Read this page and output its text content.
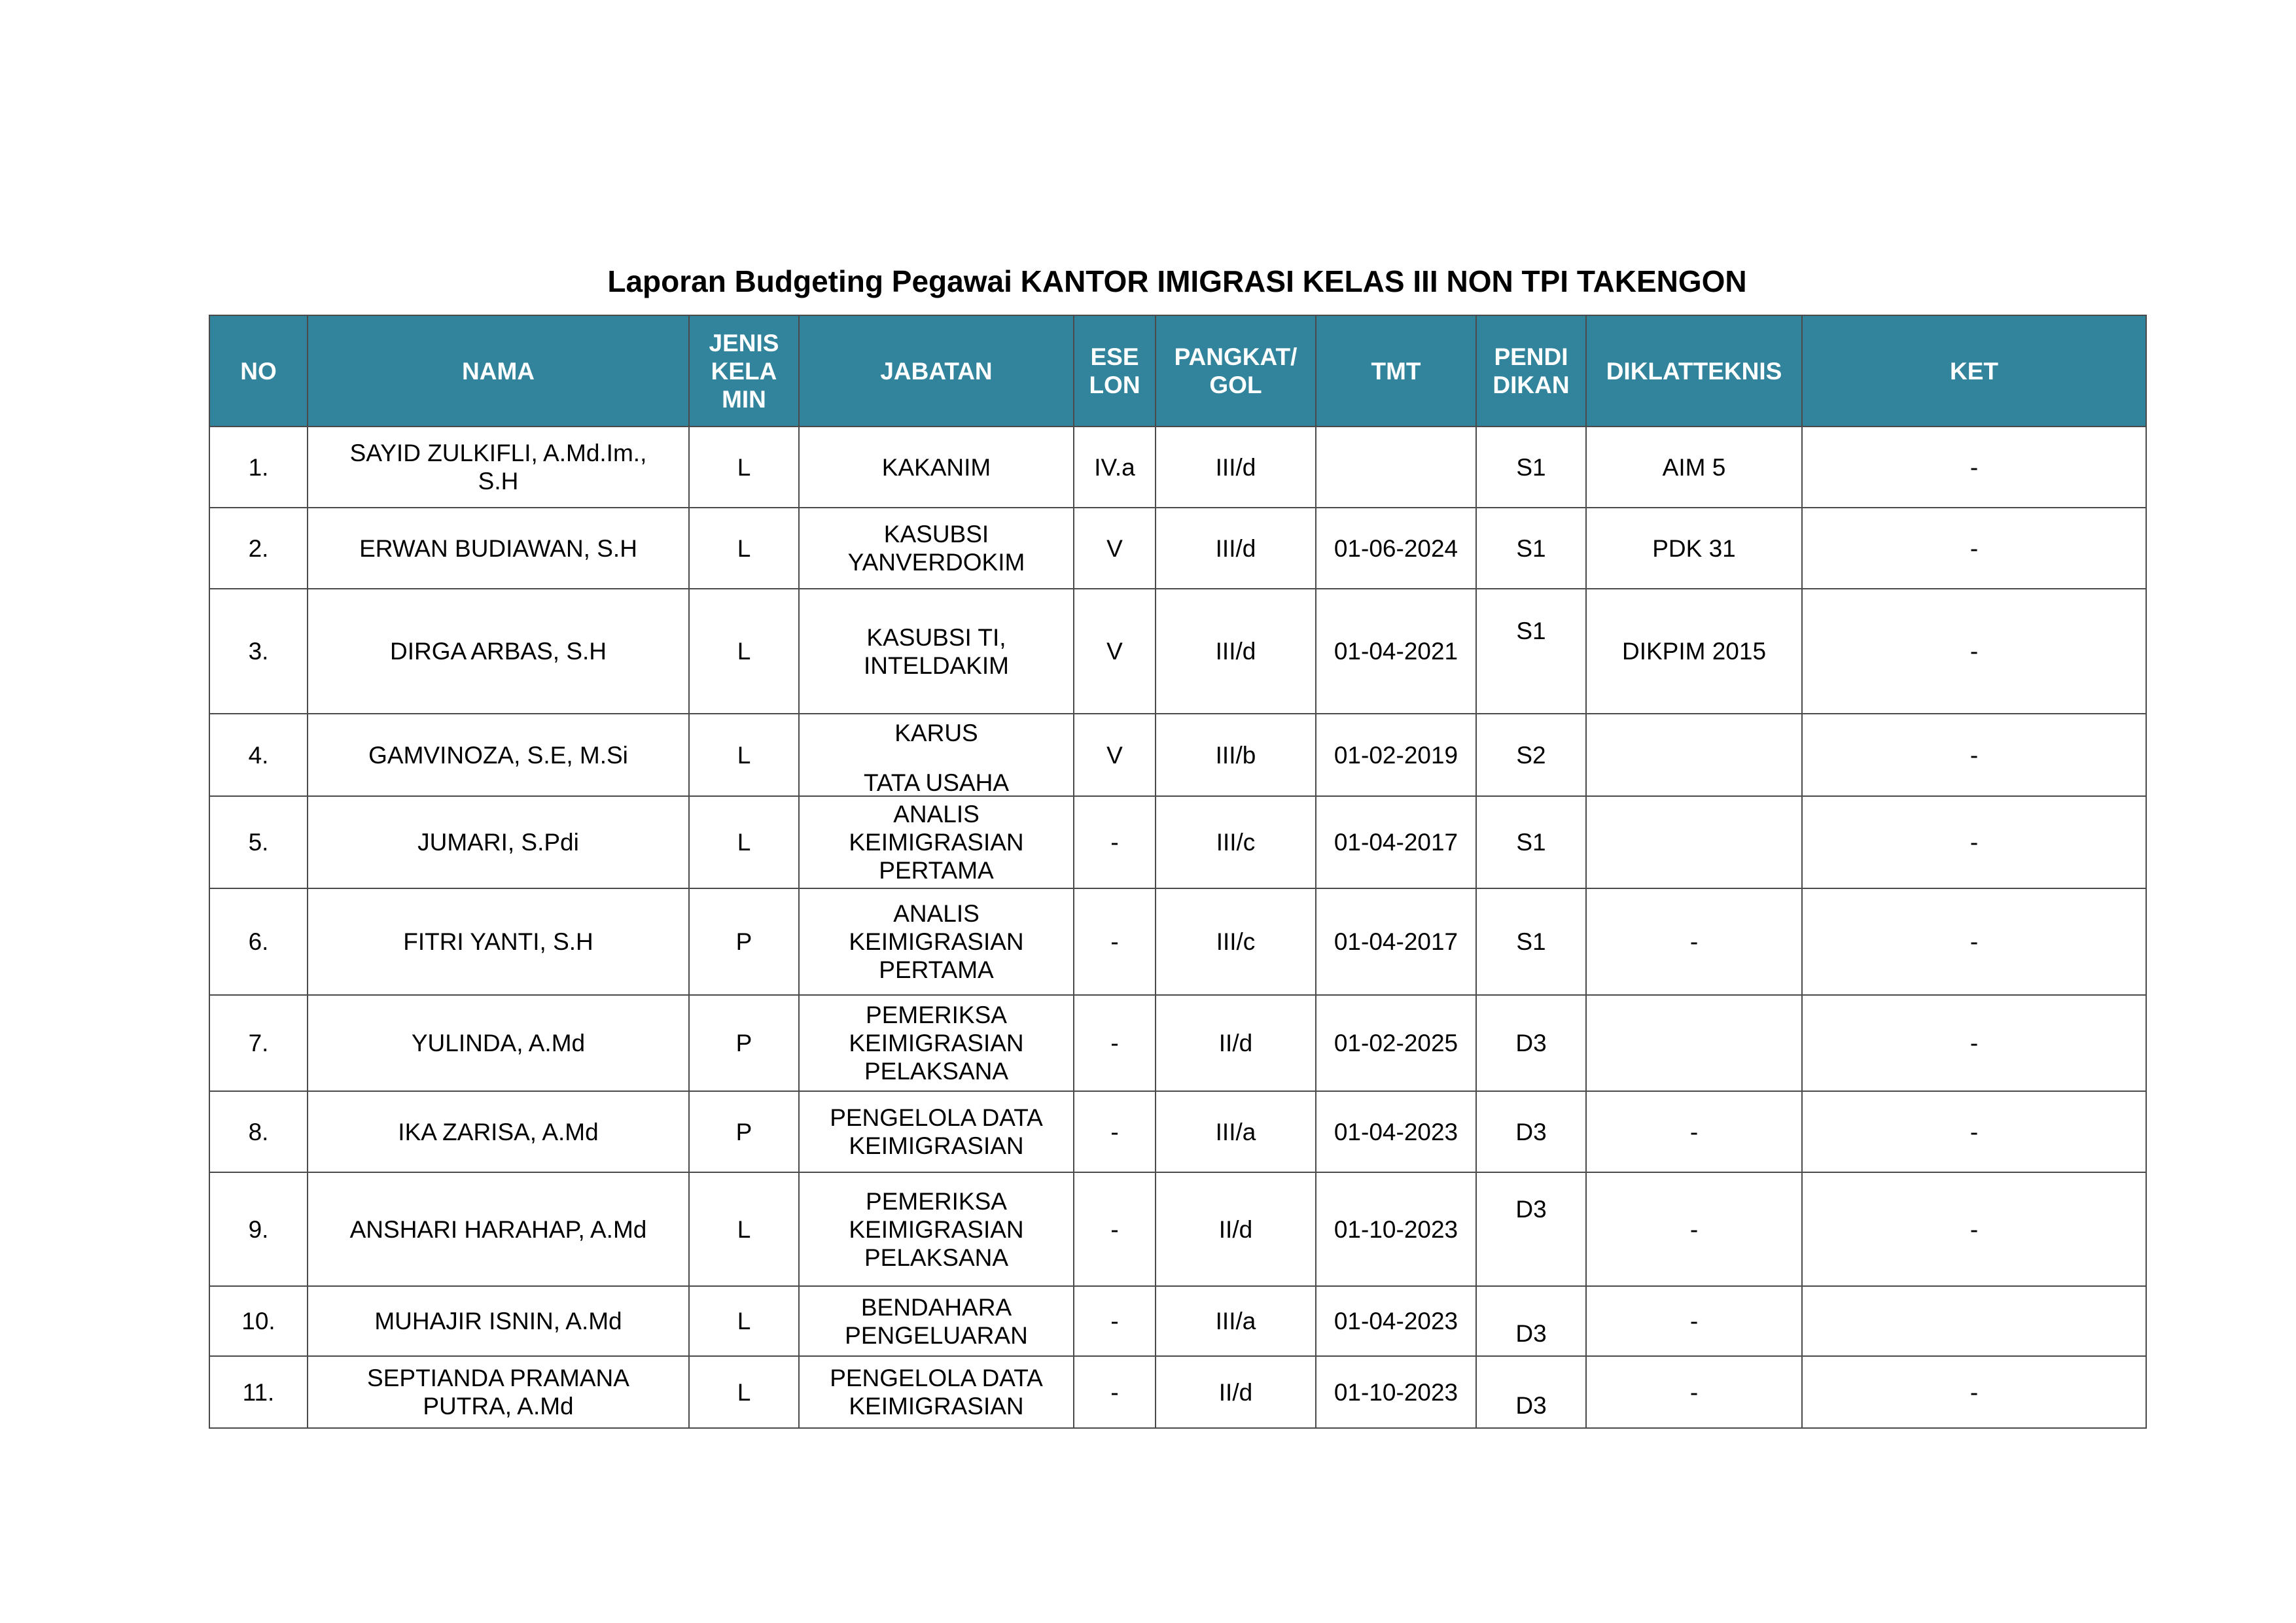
Laporan Budgeting Pegawai KANTOR IMIGRASI KELAS III NON TPI TAKENGON
NO	NAMA	JENIS
KELA
MIN	JABATAN	ESE
LON	PANGKAT/
GOL	TMT	PENDI
DIKAN	DIKLATTEKNIS	KET
1.	SAYID ZULKIFLI, A.Md.Im.,
S.H	L	KAKANIM	IV.a	III/d		S1	AIM 5	-
2.	ERWAN BUDIAWAN, S.H	L	KASUBSI
YANVERDOKIM	V	III/d	01-06-2024	S1	PDK 31	-
3.	DIRGA ARBAS, S.H	L	KASUBSI TI,
INTELDAKIM	V	III/d	01-04-2021	S1	DIKPIM 2015	-
4.	GAMVINOZA, S.E, M.Si	L	KARUS

TATA USAHA	V	III/b	01-02-2019	S2		-
5.	JUMARI, S.Pdi	L	ANALIS
KEIMIGRASIAN
PERTAMA	-	III/c	01-04-2017	S1		-
6.	FITRI YANTI, S.H	P	ANALIS
KEIMIGRASIAN
PERTAMA	-	III/c	01-04-2017	S1	-	-
7.	YULINDA, A.Md	P	PEMERIKSA
KEIMIGRASIAN
PELAKSANA	-	II/d	01-02-2025	D3		-
8.	IKA ZARISA, A.Md	P	PENGELOLA DATA
KEIMIGRASIAN	-	III/a	01-04-2023	D3	-	-
9.	ANSHARI HARAHAP, A.Md	L	PEMERIKSA
KEIMIGRASIAN
PELAKSANA	-	II/d	01-10-2023	D3	-	-
10.	MUHAJIR ISNIN, A.Md	L	BENDAHARA
PENGELUARAN	-	III/a	01-04-2023	D3	-	
11.	SEPTIANDA PRAMANA
PUTRA, A.Md	L	PENGELOLA DATA
KEIMIGRASIAN	-	II/d	01-10-2023	D3	-	-
